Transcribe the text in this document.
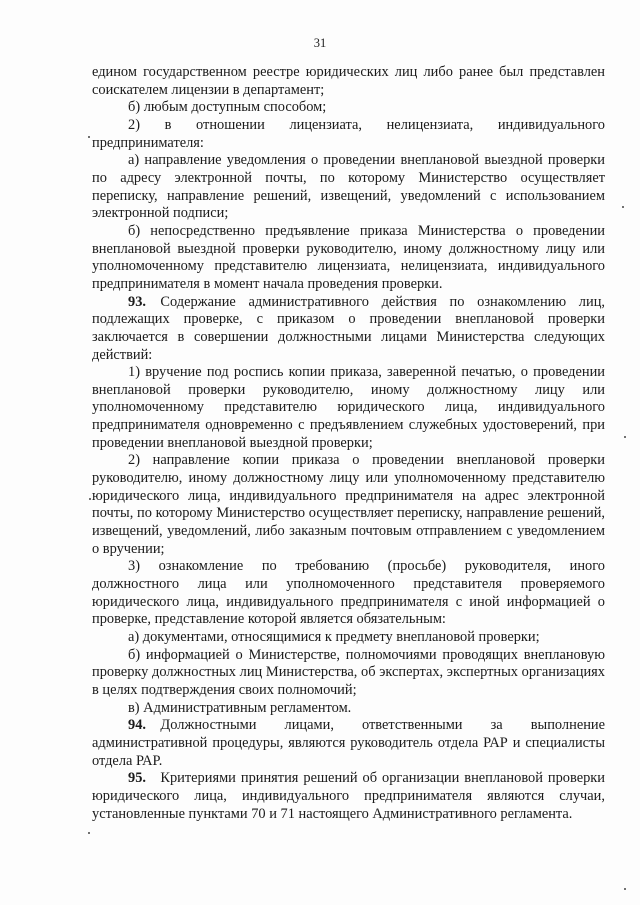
31

едином государственном реестре юридических лиц либо ранее был представлен соискателем лицензии в департамент;

б) любым доступным способом;

2) в отношении лицензиата, нелицензиата, индивидуального предпринимателя:

а) направление уведомления о проведении внеплановой выездной проверки по адресу электронной почты, по которому Министерство осуществляет переписку, направление решений, извещений, уведомлений с использованием электронной подписи;

б) непосредственно предъявление приказа Министерства о проведении внеплановой выездной проверки руководителю, иному должностному лицу или уполномоченному представителю лицензиата, нелицензиата, индивидуального предпринимателя в момент начала проведения проверки.

93.  Содержание административного действия по ознакомлению лиц, подлежащих проверке, с приказом о проведении внеплановой проверки заключается в совершении должностными лицами Министерства следующих действий:

1) вручение под роспись копии приказа, заверенной печатью, о проведении внеплановой проверки руководителю, иному должностному лицу или уполномоченному представителю юридического лица, индивидуального предпринимателя одновременно с предъявлением служебных удостоверений, при проведении внеплановой выездной проверки;

2) направление копии приказа о проведении внеплановой проверки руководителю, иному должностному лицу или уполномоченному представителю юридического лица, индивидуального предпринимателя на адрес электронной почты, по которому Министерство осуществляет переписку, направление решений, извещений, уведомлений, либо заказным почтовым отправлением с уведомлением о вручении;

3) ознакомление по требованию (просьбе) руководителя, иного должностного лица или уполномоченного представителя проверяемого юридического лица, индивидуального предпринимателя с иной информацией о проверке, представление которой является обязательным:

а) документами, относящимися к предмету внеплановой проверки;

б) информацией о Министерстве, полномочиями проводящих внеплановую проверку должностных лиц Министерства, об экспертах, экспертных организациях в целях подтверждения своих полномочий;

в) Административным регламентом.

94.  Должностными лицами, ответственными за выполнение административной процедуры, являются руководитель отдела РАР и специалисты отдела РАР.

95.  Критериями принятия решений об организации внеплановой проверки юридического лица, индивидуального предпринимателя являются случаи, установленные пунктами 70 и 71 настоящего Административного регламента.
